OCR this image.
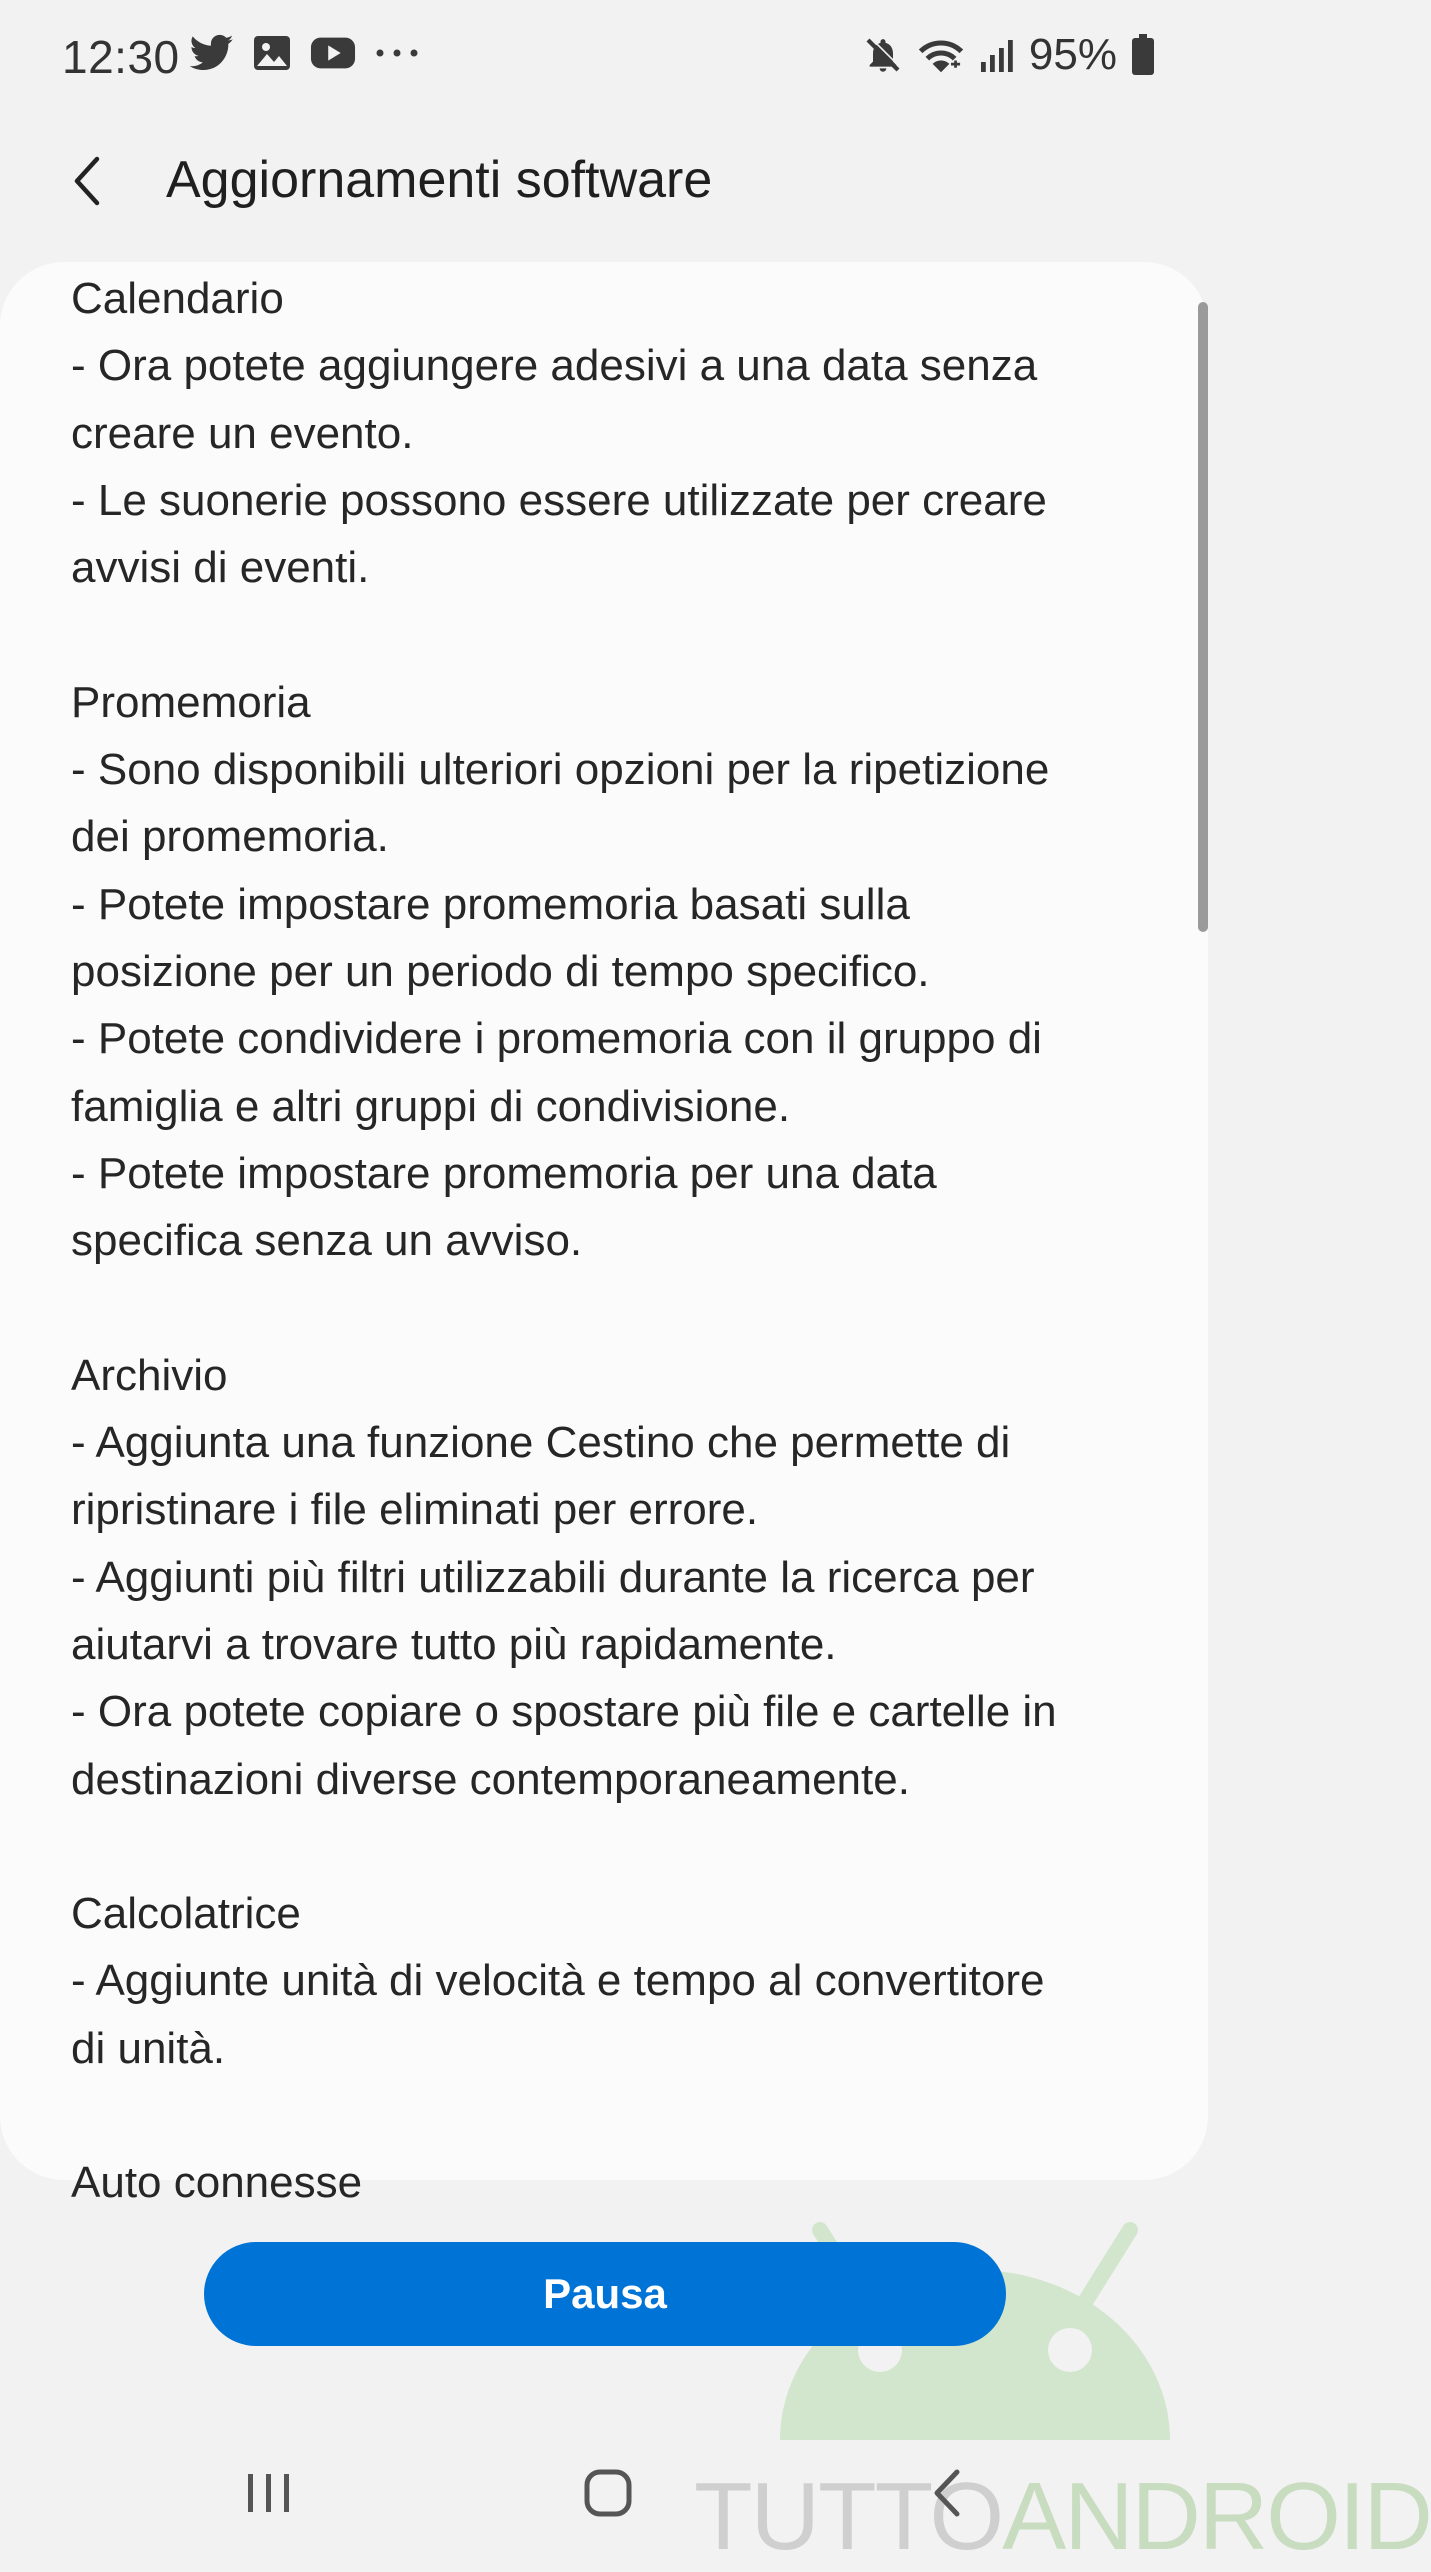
12:30	95%
Aggiornamenti software
Calendario
- Ora potete aggiungere adesivi a una data senza
creare un evento.
- Le suonerie possono essere utilizzate per creare
avvisi di eventi.

Promemoria
- Sono disponibili ulteriori opzioni per la ripetizione
dei promemoria.
- Potete impostare promemoria basati sulla
posizione per un periodo di tempo specifico.
- Potete condividere i promemoria con il gruppo di
famiglia e altri gruppi di condivisione.
- Potete impostare promemoria per una data
specifica senza un avviso.

Archivio
- Aggiunta una funzione Cestino che permette di
ripristinare i file eliminati per errore.
- Aggiunti più filtri utilizzabili durante la ricerca per
aiutarvi a trovare tutto più rapidamente.
- Ora potete copiare o spostare più file e cartelle in
destinazioni diverse contemporaneamente.

Calcolatrice
- Aggiunte unità di velocità e tempo al convertitore
di unità.

Auto connesse
TUTTOANDROID
Pausa
